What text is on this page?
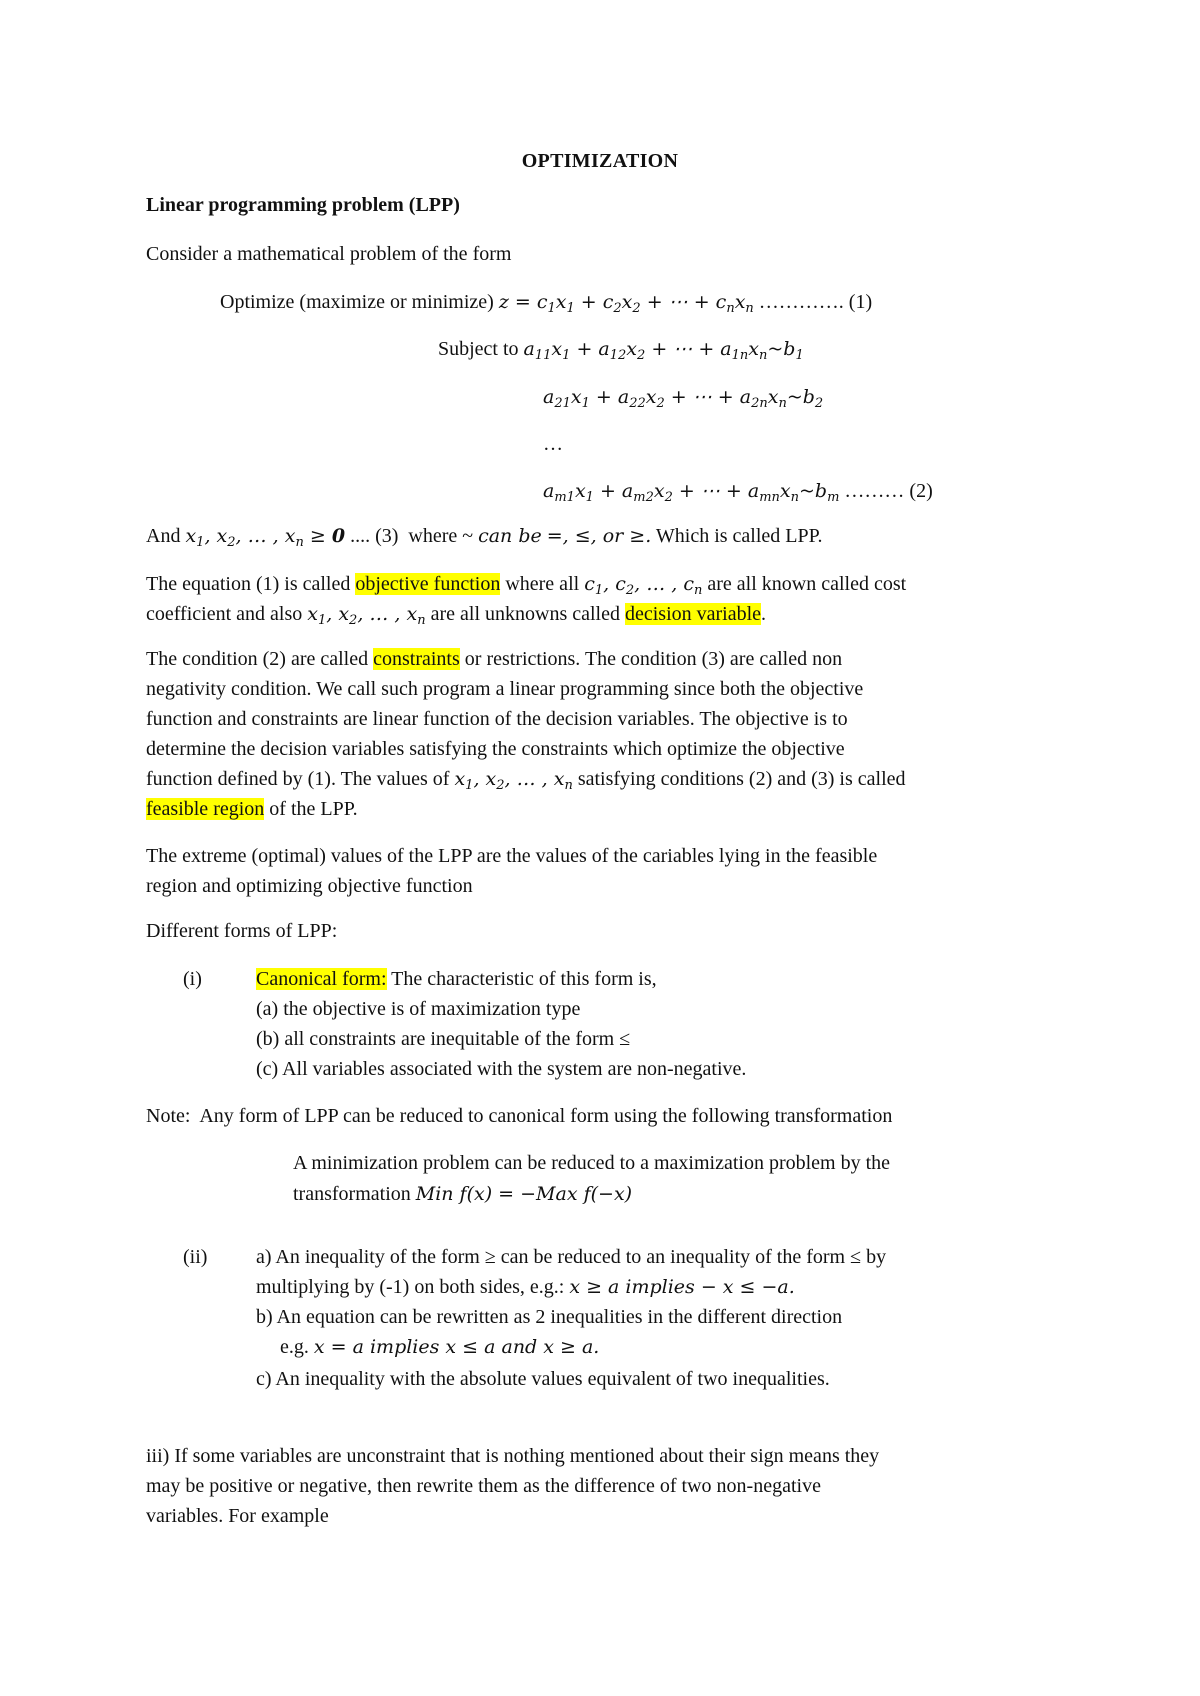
OPTIMIZATION
Linear programming problem (LPP)
Consider a mathematical problem of the form
Optimize (maximize or minimize) $z = c_1x_1 + c_2x_2$ + ⋯ + $c_nx_n$ …………. (1)
Subject to $a_{11}x_1 + a_{12}x_2$ + ⋯ + $a_{1n}x_n\sim b_1$
$a_{21}x_1 + a_{22}x_2$ + ⋯ + $a_{2n}x_n\sim b_2$
…
$a_{m1}x_1 + a_{m2}x_2$ + ⋯ + $a_{mn}x_n\sim b_m$ ……… (2)
And $x_1$, $x_2$, … , $x_n \ge 0$ .... (3) where ~ can be =, ≤, or ≥. Which is called LPP.
The equation (1) is called objective function where all $c_1$, $c_2$, … , $c_n$ are all known called cost
coefficient and also $x_1$, $x_2$, … , $x_n$ are all unknowns called decision variable.
The condition (2) are called constraints or restrictions. The condition (3) are called non
negativity condition. We call such program a linear programming since both the objective
function and constraints are linear function of the decision variables. The objective is to
determine the decision variables satisfying the constraints which optimize the objective
function defined by (1). The values of $x_1$, $x_2$, … , $x_n$ satisfying conditions (2) and (3) is called
feasible region of the LPP.
The extreme (optimal) values of the LPP are the values of the cariables lying in the feasible
region and optimizing objective function
Different forms of LPP:
(i)	Canonical form: The characteristic of this form is,
(a) the objective is of maximization type
(b) all constraints are inequitable of the form ≤
(c) All variables associated with the system are non-negative.
Note: Any form of LPP can be reduced to canonical form using the following transformation
A minimization problem can be reduced to a maximization problem by the
transformation Min f(x) = −Max f(−x)
(ii) a) An inequality of the form ≥ can be reduced to an inequality of the form ≤ by
multiplying by (-1) on both sides, e.g.: x ≥ a implies − x ≤ −a.
b) An equation can be rewritten as 2 inequalities in the different direction
e.g. x = a implies x ≤ a and x ≥ a.
c) An inequality with the absolute values equivalent of two inequalities.
iii) If some variables are unconstraint that is nothing mentioned about their sign means they
may be positive or negative, then rewrite them as the difference of two non-negative
variables. For example
